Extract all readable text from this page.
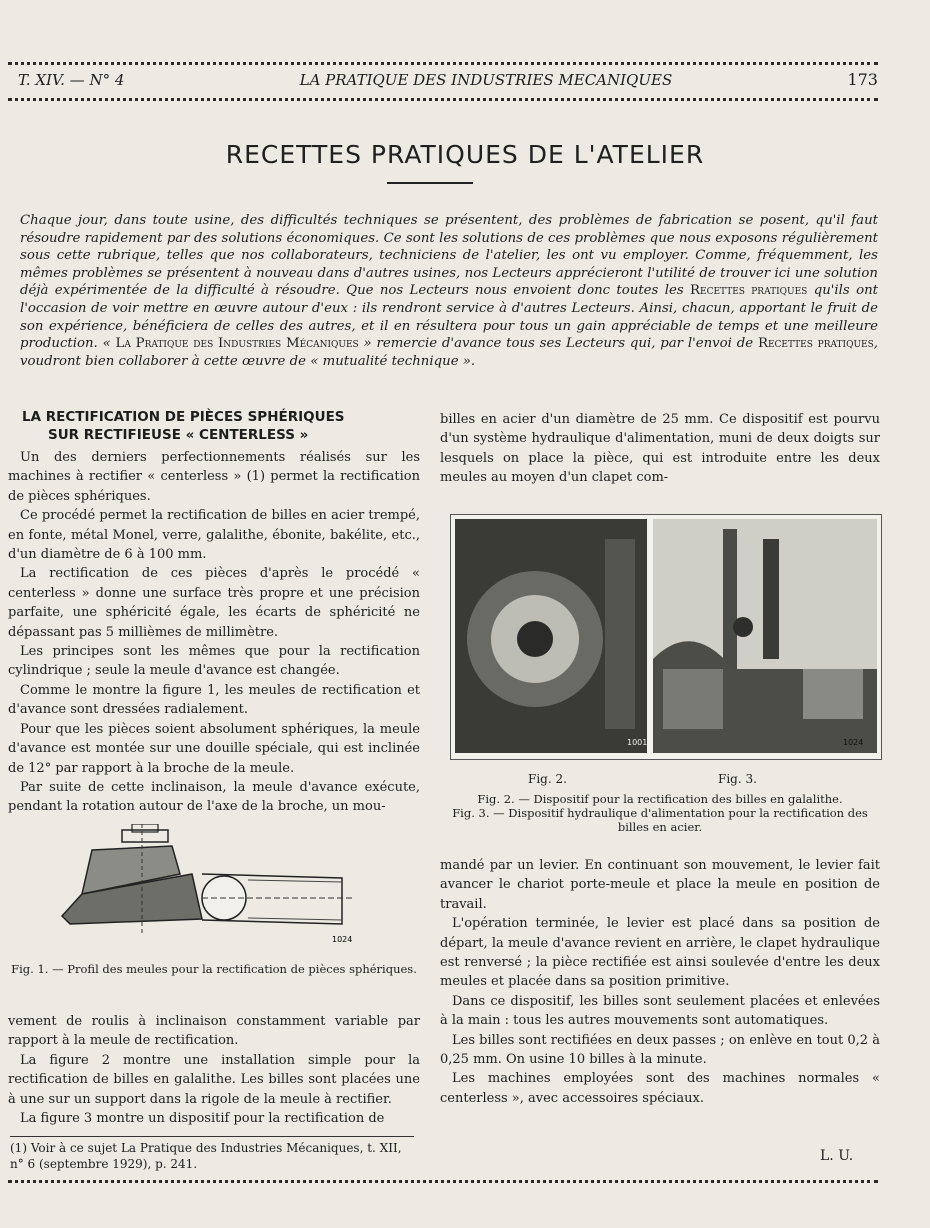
T. XIV. — N° 4	LA PRATIQUE DES INDUSTRIES MECANIQUES	173
RECETTES PRATIQUES DE L'ATELIER

Chaque jour, dans toute usine, des difficultés techniques se présentent, des problèmes de fabrication se posent, qu'il faut résoudre rapidement par des solutions économiques. Ce sont les solutions de ces problèmes que nous exposons régulièrement sous cette rubrique, telles que nos collaborateurs, techniciens de l'atelier, les ont vu employer. Comme, fréquemment, les mêmes problèmes se présentent à nouveau dans d'autres usines, nos Lecteurs apprécieront l'utilité de trouver ici une solution déjà expérimentée de la difficulté à résoudre. Que nos Lecteurs nous envoient donc toutes les Recettes pratiques qu'ils ont l'occasion de voir mettre en œuvre autour d'eux : ils rendront service à d'autres Lecteurs. Ainsi, chacun, apportant le fruit de son expérience, bénéficiera de celles des autres, et il en résultera pour tous un gain appréciable de temps et une meilleure production. « La Pratique des Industries Mécaniques » remercie d'avance tous ses Lecteurs qui, par l'envoi de Recettes pratiques, voudront bien collaborer à cette œuvre de « mutualité technique ».

LA RECTIFICATION DE PIÈCES SPHÉRIQUES
SUR RECTIFIEUSE « CENTERLESS »

Un des derniers perfectionnements réalisés sur les machines à rectifier « centerless » (1) permet la rectification de pièces sphériques.

Ce procédé permet la rectification de billes en acier trempé, en fonte, métal Monel, verre, galalithe, ébonite, bakélite, etc., d'un diamètre de 6 à 100 mm.

La rectification de ces pièces d'après le procédé « centerless » donne une surface très propre et une précision parfaite, une sphéricité égale, les écarts de sphéricité ne dépassant pas 5 millièmes de millimètre.

Les principes sont les mêmes que pour la rectification cylindrique ; seule la meule d'avance est changée.

Comme le montre la figure 1, les meules de rectification et d'avance sont dressées radialement.

Pour que les pièces soient absolument sphériques, la meule d'avance est montée sur une douille spéciale, qui est inclinée de 12° par rapport à la broche de la meule.

Par suite de cette inclinaison, la meule d'avance exécute, pendant la rotation autour de l'axe de la broche, un mou-

1024
Fig. 1. — Profil des meules pour la rectification de pièces sphériques.

vement de roulis à inclinaison constamment variable par rapport à la meule de rectification.

La figure 2 montre une installation simple pour la rectification de billes en galalithe. Les billes sont placées une à une sur un support dans la rigole de la meule à rectifier.

La figure 3 montre un dispositif pour la rectification de

billes en acier d'un diamètre de 25 mm. Ce dispositif est pourvu d'un système hydraulique d'alimentation, muni de deux doigts sur lesquels on place la pièce, qui est introduite entre les deux meules au moyen d'un clapet com-

1001	1024
Fig. 2.	Fig. 3.
Fig. 2. — Dispositif pour la rectification des billes en galalithe.
Fig. 3. — Dispositif hydraulique d'alimentation pour la rectification des billes en acier.

mandé par un levier. En continuant son mouvement, le levier fait avancer le chariot porte-meule et place la meule en position de travail.

L'opération terminée, le levier est placé dans sa position de départ, la meule d'avance revient en arrière, le clapet hydraulique est renversé ; la pièce rectifiée est ainsi soulevée d'entre les deux meules et placée dans sa position primitive.

Dans ce dispositif, les billes sont seulement placées et enlevées à la main : tous les autres mouvements sont automatiques.

Les billes sont rectifiées en deux passes ; on enlève en tout 0,2 à 0,25 mm. On usine 10 billes à la minute.

Les machines employées sont des machines normales « centerless », avec accessoires spéciaux.

(1) Voir à ce sujet La Pratique des Industries Mécaniques, t. XII, n° 6 (septembre 1929), p. 241.	L. U.
